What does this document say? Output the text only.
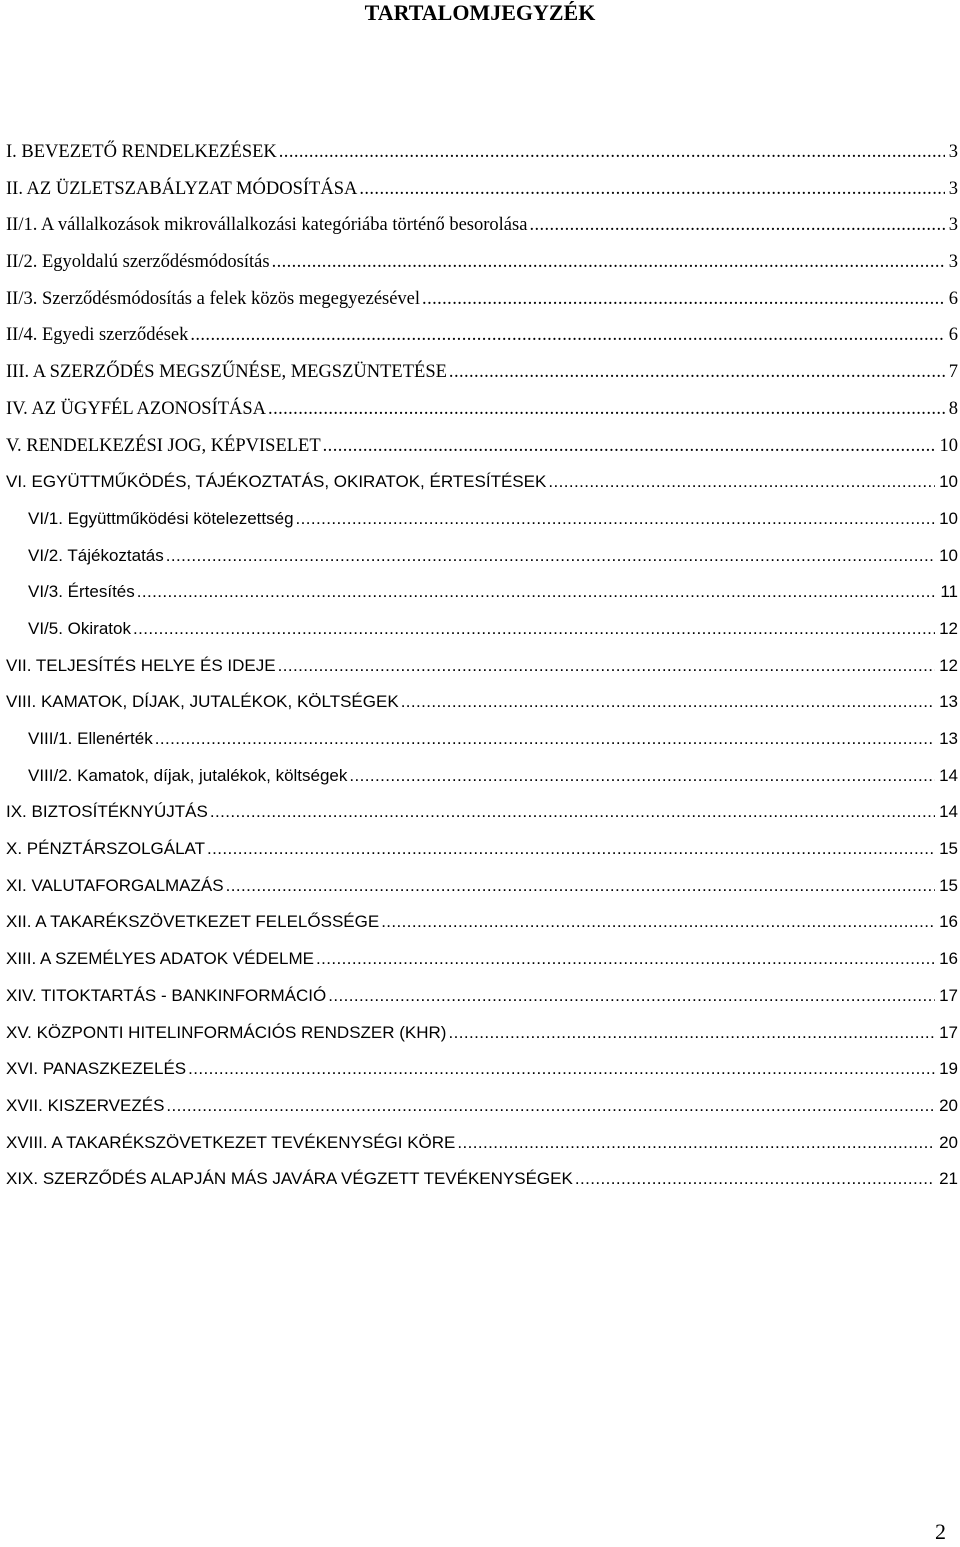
TARTALOMJEGYZÉK
I. BEVEZETŐ RENDELKEZÉSEK .....	3
II. AZ ÜZLETSZABÁLYZAT MÓDOSÍTÁSA .....	3
II/1. A vállalkozások mikrovállalkozási kategóriába történő besorolása .....	3
II/2. Egyoldalú szerződésmódosítás .....	3
II/3. Szerződésmódosítás a felek közös megegyezésével .....	6
II/4. Egyedi szerződések .....	6
III. A SZERZŐDÉS MEGSZŰNÉSE, MEGSZÜNTETÉSE .....	7
IV. AZ ÜGYFÉL AZONOSÍTÁSA .....	8
V. RENDELKEZÉSI JOG, KÉPVISELET .....	10
VI. EGYÜTTMŰKÖDÉS, TÁJÉKOZTATÁS, OKIRATOK, ÉRTESÍTÉSEK .....	10
VI/1. Együttműködési kötelezettség .....	10
VI/2. Tájékoztatás .....	10
VI/3. Értesítés .....	11
VI/5. Okiratok .....	12
VII. TELJESÍTÉS HELYE ÉS IDEJE .....	12
VIII. KAMATOK, DÍJAK, JUTALÉKOK, KÖLTSÉGEK .....	13
VIII/1. Ellenérték .....	13
VIII/2. Kamatok, díjak, jutalékok, költségek .....	14
IX. BIZTOSÍTÉKNYÚJTÁS .....	14
X. PÉNZTÁRSZOLGÁLAT .....	15
XI. VALUTAFORGALMAZÁS .....	15
XII. A TAKARÉKSZÖVETKEZET FELELŐSSÉGE .....	16
XIII. A SZEMÉLYES ADATOK VÉDELME .....	16
XIV. TITOKTARTÁS - BANKINFORMÁCIÓ .....	17
XV. KÖZPONTI HITELINFORMÁCIÓS RENDSZER (KHR) .....	17
XVI. PANASZKEZELÉS .....	19
XVII. KISZERVEZÉS .....	20
XVIII. A TAKARÉKSZÖVETKEZET TEVÉKENYSÉGI KÖRE .....	20
XIX. SZERZŐDÉS ALAPJÁN MÁS JAVÁRA VÉGZETT TEVÉKENYSÉGEK .....	21
2
